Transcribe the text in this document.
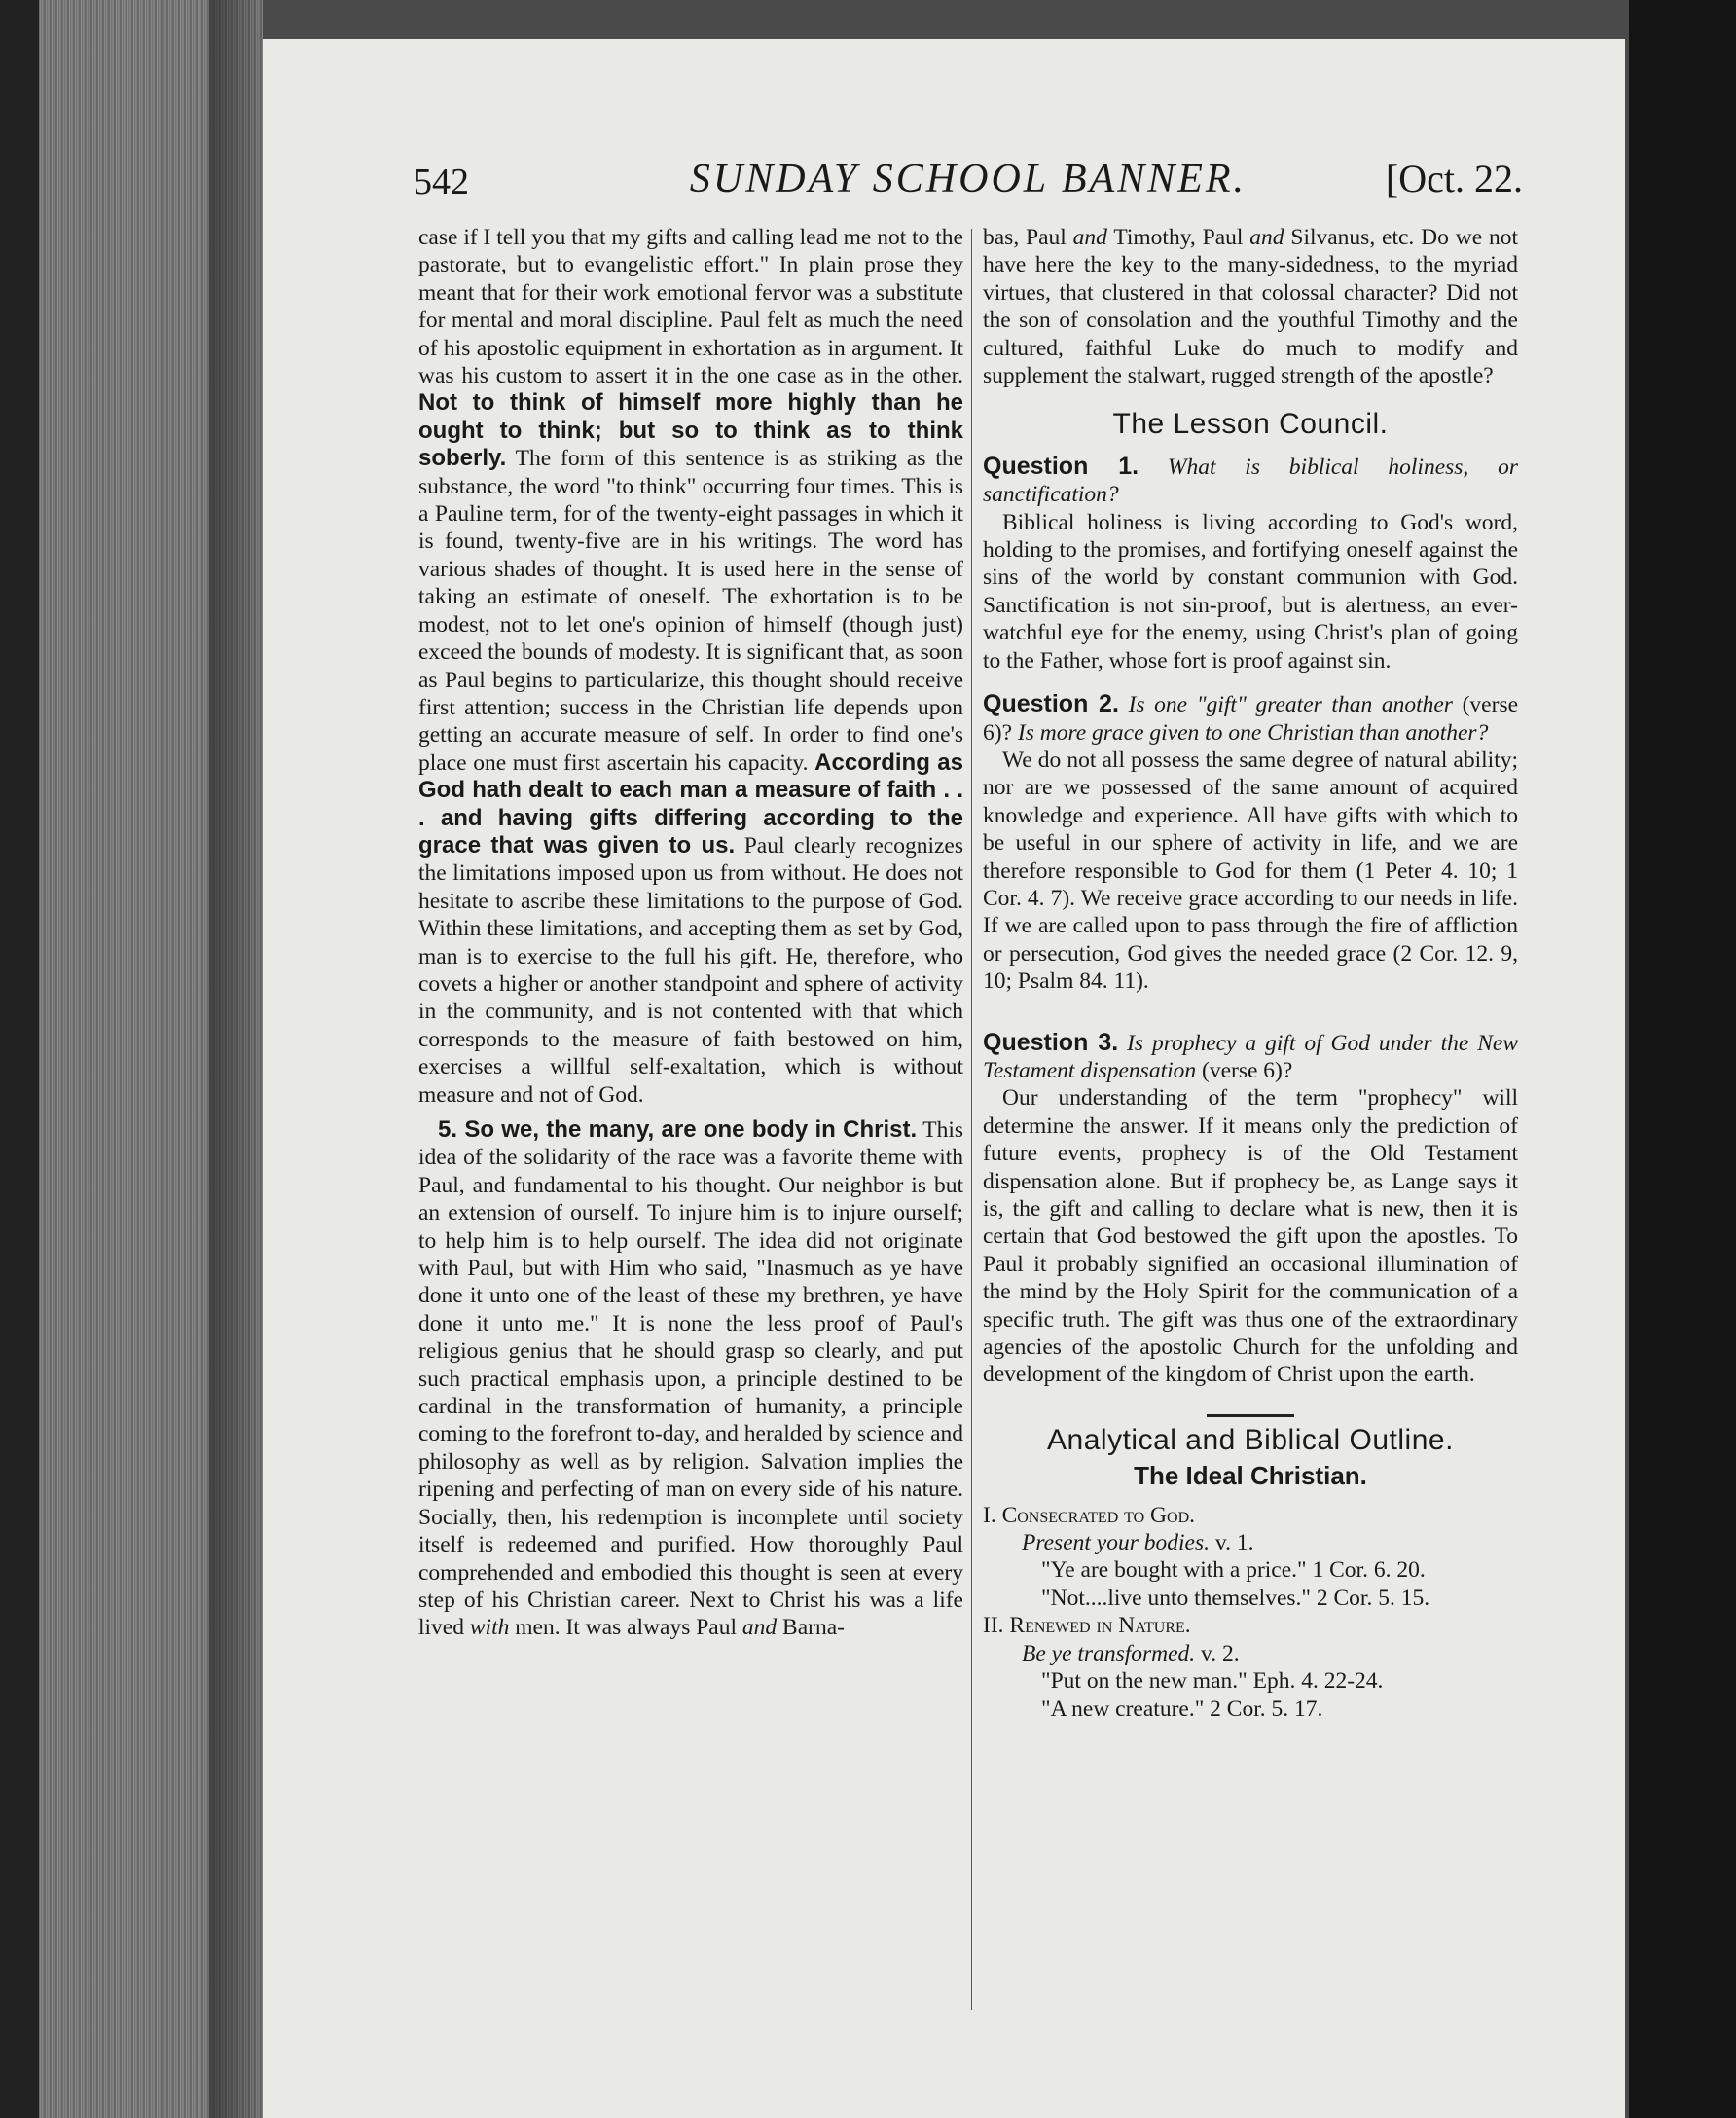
542	SUNDAY SCHOOL BANNER.	[Oct. 22.

case if I tell you that my gifts and calling lead me not to the pastorate, but to evangelistic effort." In plain prose they meant that for their work emotional fervor was a substitute for mental and moral discipline. Paul felt as much the need of his apostolic equipment in exhortation as in argument. It was his custom to assert it in the one case as in the other. Not to think of himself more highly than he ought to think; but so to think as to think soberly. The form of this sentence is as striking as the substance, the word "to think" occurring four times. This is a Pauline term, for of the twenty-eight passages in which it is found, twenty-five are in his writings. The word has various shades of thought. It is used here in the sense of taking an estimate of oneself. The exhortation is to be modest, not to let one's opinion of himself (though just) exceed the bounds of modesty. It is significant that, as soon as Paul begins to particularize, this thought should receive first attention; success in the Christian life depends upon getting an accurate measure of self. In order to find one's place one must first ascertain his capacity. According as God hath dealt to each man a measure of faith . . . and having gifts differing according to the grace that was given to us. Paul clearly recognizes the limitations imposed upon us from without. He does not hesitate to ascribe these limitations to the purpose of God. Within these limitations, and accepting them as set by God, man is to exercise to the full his gift. He, therefore, who covets a higher or another standpoint and sphere of activity in the community, and is not contented with that which corresponds to the measure of faith bestowed on him, exercises a willful self-exaltation, which is without measure and not of God.

5. So we, the many, are one body in Christ. This idea of the solidarity of the race was a favorite theme with Paul, and fundamental to his thought. Our neighbor is but an extension of ourself. To injure him is to injure ourself; to help him is to help ourself. The idea did not originate with Paul, but with Him who said, "Inasmuch as ye have done it unto one of the least of these my brethren, ye have done it unto me." It is none the less proof of Paul's religious genius that he should grasp so clearly, and put such practical emphasis upon, a principle destined to be cardinal in the transformation of humanity, a principle coming to the forefront to-day, and heralded by science and philosophy as well as by religion. Salvation implies the ripening and perfecting of man on every side of his nature. Socially, then, his redemption is incomplete until society itself is redeemed and purified. How thoroughly Paul comprehended and embodied this thought is seen at every step of his Christian career. Next to Christ his was a life lived with men. It was always Paul and Barna-

bas, Paul and Timothy, Paul and Silvanus, etc. Do we not have here the key to the many-sidedness, to the myriad virtues, that clustered in that colossal character? Did not the son of consolation and the youthful Timothy and the cultured, faithful Luke do much to modify and supplement the stalwart, rugged strength of the apostle?

The Lesson Council.

Question 1. What is biblical holiness, or sanctification?

Biblical holiness is living according to God's word, holding to the promises, and fortifying oneself against the sins of the world by constant communion with God. Sanctification is not sin-proof, but is alertness, an ever-watchful eye for the enemy, using Christ's plan of going to the Father, whose fort is proof against sin.

Question 2. Is one "gift" greater than another (verse 6)? Is more grace given to one Christian than another?

We do not all possess the same degree of natural ability; nor are we possessed of the same amount of acquired knowledge and experience. All have gifts with which to be useful in our sphere of activity in life, and we are therefore responsible to God for them (1 Peter 4. 10; 1 Cor. 4. 7). We receive grace according to our needs in life. If we are called upon to pass through the fire of affliction or persecution, God gives the needed grace (2 Cor. 12. 9, 10; Psalm 84. 11).

Question 3. Is prophecy a gift of God under the New Testament dispensation (verse 6)?

Our understanding of the term "prophecy" will determine the answer. If it means only the prediction of future events, prophecy is of the Old Testament dispensation alone. But if prophecy be, as Lange says it is, the gift and calling to declare what is new, then it is certain that God bestowed the gift upon the apostles. To Paul it probably signified an occasional illumination of the mind by the Holy Spirit for the communication of a specific truth. The gift was thus one of the extraordinary agencies of the apostolic Church for the unfolding and development of the kingdom of Christ upon the earth.

Analytical and Biblical Outline.
The Ideal Christian.

I. Consecrated to God.

Present your bodies. v. 1.

"Ye are bought with a price." 1 Cor. 6. 20.

"Not....live unto themselves." 2 Cor. 5. 15.

II. Renewed in Nature.

Be ye transformed. v. 2.

"Put on the new man." Eph. 4. 22-24.

"A new creature." 2 Cor. 5. 17.
